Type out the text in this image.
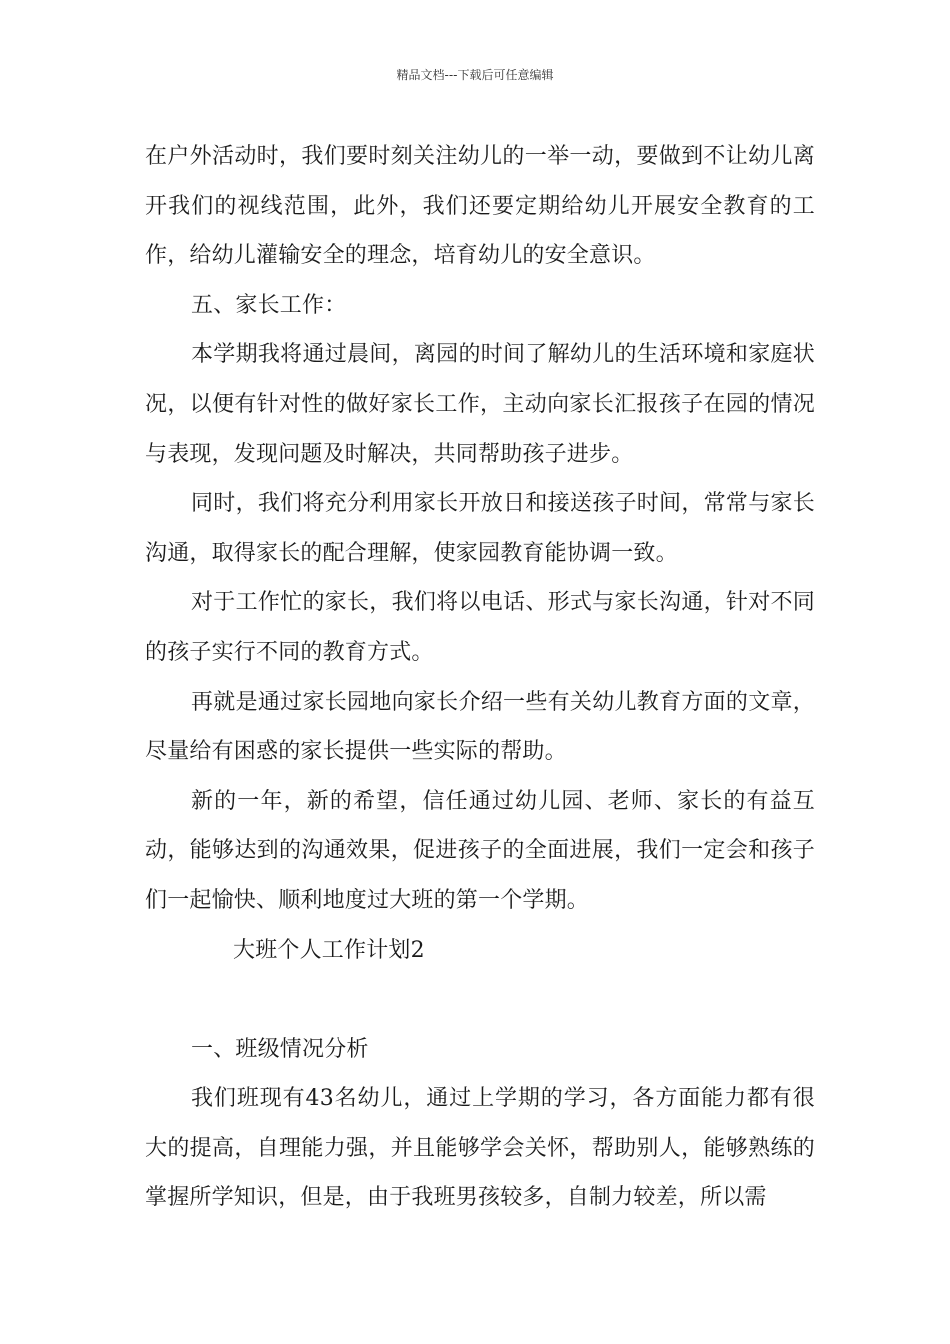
精品文档---下载后可任意编辑

在户外活动时，我们要时刻关注幼儿的一举一动，要做到不让幼儿离开我们的视线范围，此外，我们还要定期给幼儿开展安全教育的工作，给幼儿灌输安全的理念，培育幼儿的安全意识。

五、家长工作：

本学期我将通过晨间，离园的时间了解幼儿的生活环境和家庭状况，以便有针对性的做好家长工作，主动向家长汇报孩子在园的情况与表现，发现问题及时解决，共同帮助孩子进步。

同时，我们将充分利用家长开放日和接送孩子时间，常常与家长沟通，取得家长的配合理解，使家园教育能协调一致。

对于工作忙的家长，我们将以电话、形式与家长沟通，针对不同的孩子实行不同的教育方式。

再就是通过家长园地向家长介绍一些有关幼儿教育方面的文章，尽量给有困惑的家长提供一些实际的帮助。

新的一年，新的希望，信任通过幼儿园、老师、家长的有益互动，能够达到的沟通效果，促进孩子的全面进展，我们一定会和孩子们一起愉快、顺利地度过大班的第一个学期。

大班个人工作计划2

一、班级情况分析

我们班现有43名幼儿，通过上学期的学习，各方面能力都有很大的提高，自理能力强，并且能够学会关怀，帮助别人，能够熟练的掌握所学知识，但是，由于我班男孩较多，自制力较差，所以需
